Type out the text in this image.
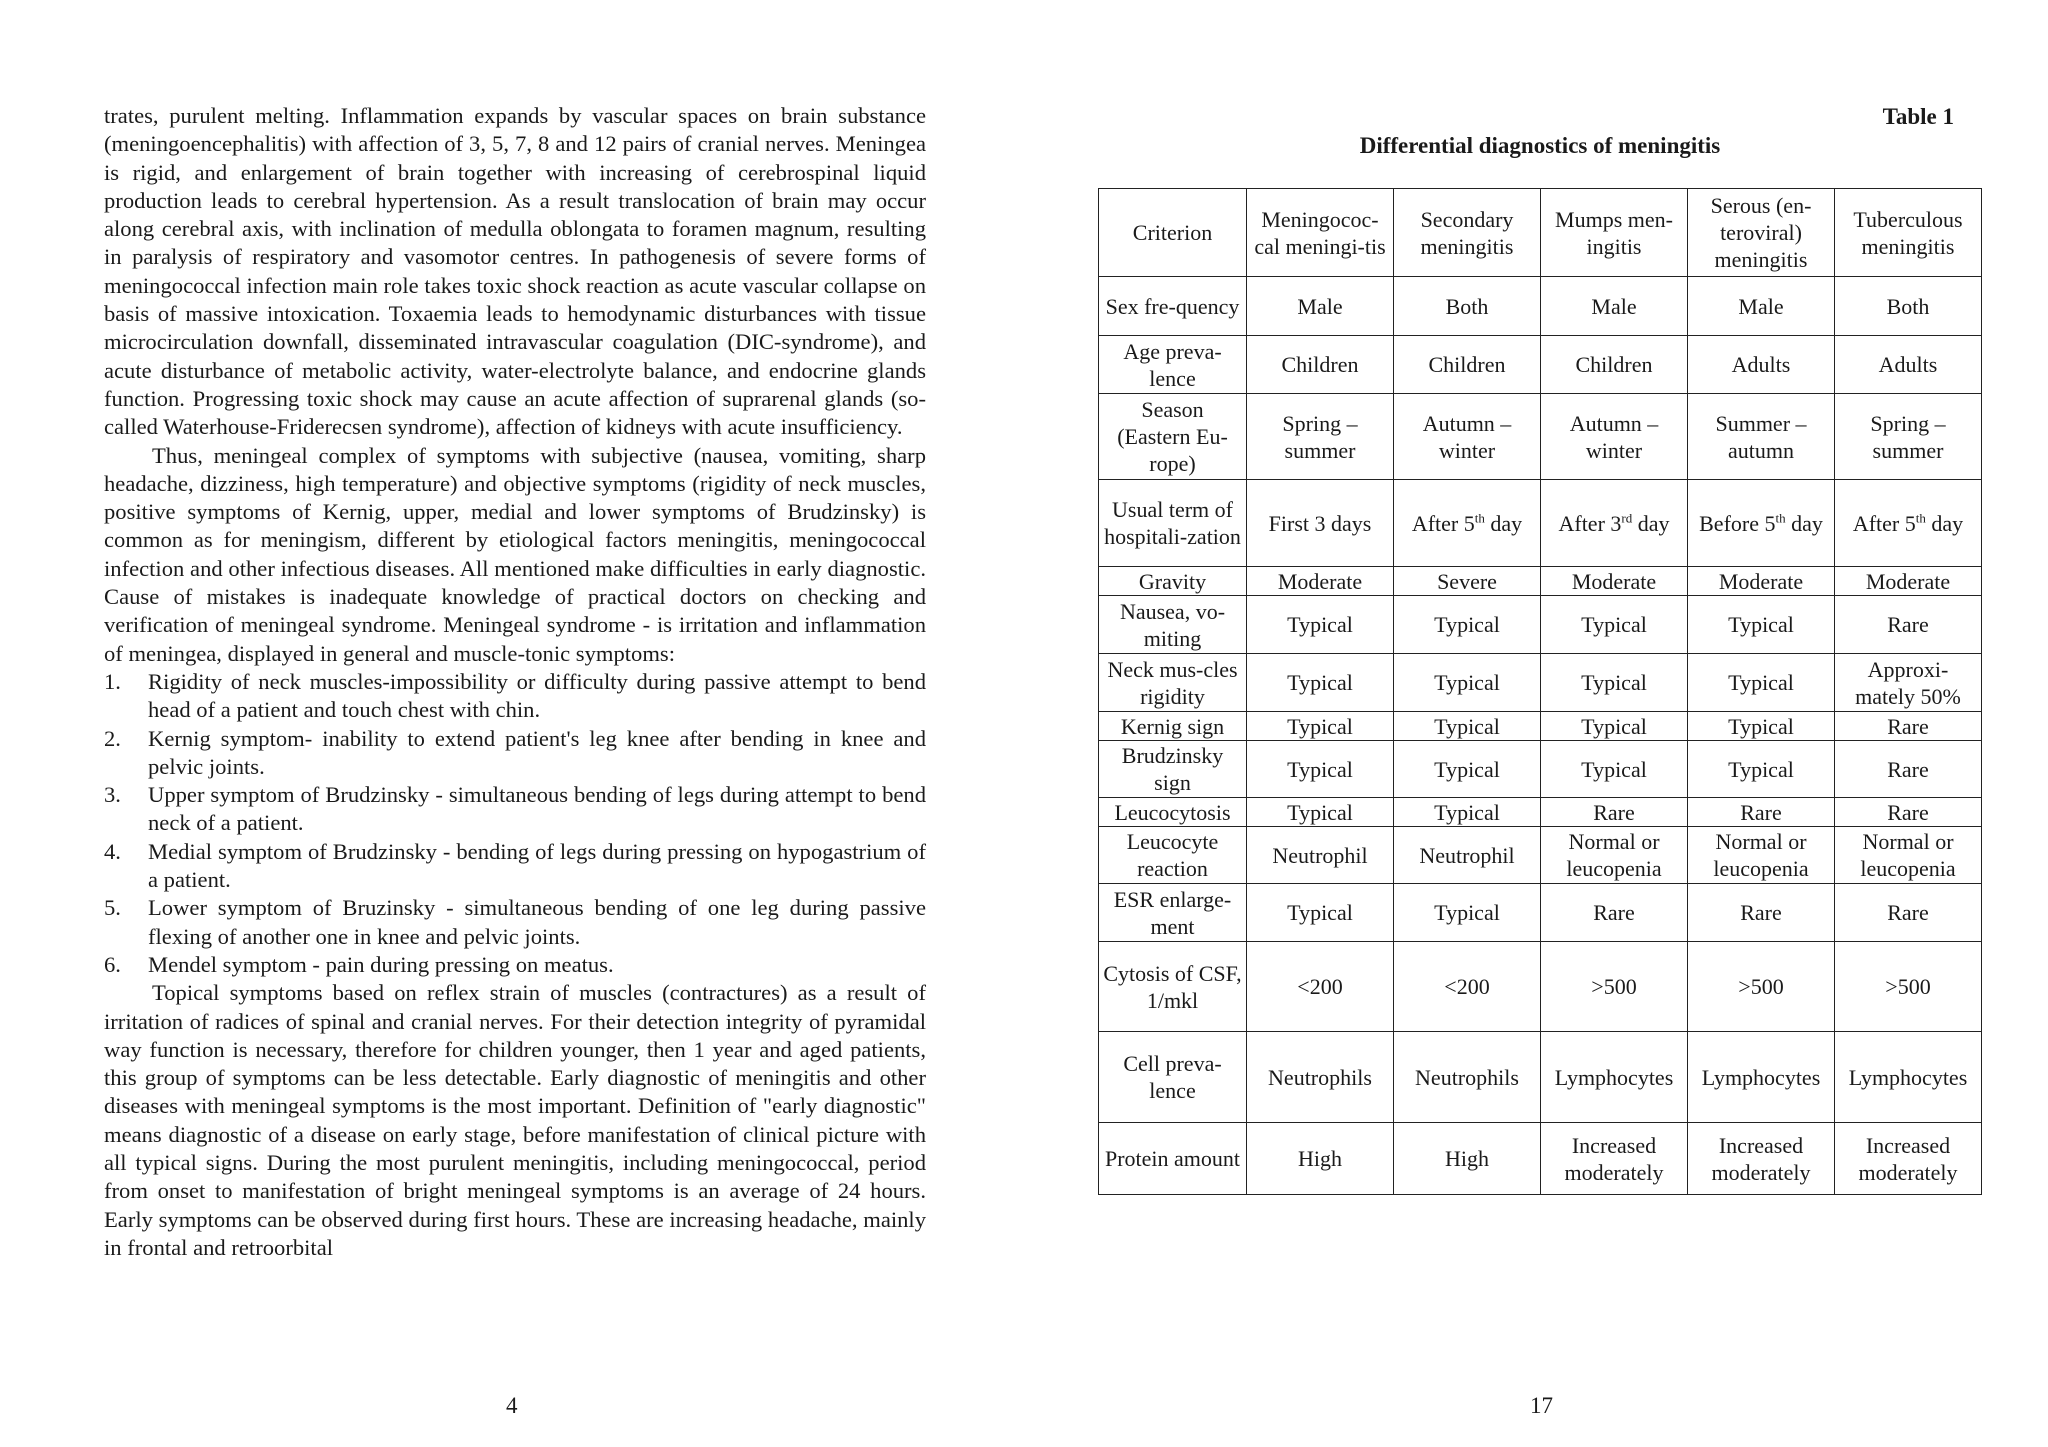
trates, purulent melting. Inflammation expands by vascular spaces on brain substance (meningoencephalitis) with affection of 3, 5, 7, 8 and 12 pairs of cranial nerves. Meningea is rigid, and enlargement of brain together with increasing of cerebrospinal liquid production leads to cerebral hypertension. As a result translocation of brain may occur along cerebral axis, with inclination of medulla oblongata to foramen magnum, resulting in paralysis of respiratory and vasomotor centres. In pathogenesis of severe forms of meningococcal infection main role takes toxic shock reaction as acute vascular collapse on basis of massive intoxication. Toxaemia leads to hemodynamic disturbances with tissue microcirculation downfall, disseminated intravascular coagulation (DIC-syndrome), and acute disturbance of metabolic activity, water-electrolyte balance, and endocrine glands function. Progressing toxic shock may cause an acute affection of suprarenal glands (so-called Waterhouse-Friderecsen syndrome), affection of kidneys with acute insufficiency.

Thus, meningeal complex of symptoms with subjective (nausea, vomiting, sharp headache, dizziness, high temperature) and objective symptoms (rigidity of neck muscles, positive symptoms of Kernig, upper, medial and lower symptoms of Brudzinsky) is common as for meningism, different by etiological factors meningitis, meningococcal infection and other infectious diseases. All mentioned make difficulties in early diagnostic. Cause of mistakes is inadequate knowledge of practical doctors on checking and verification of meningeal syndrome. Meningeal syndrome - is irritation and inflammation of meningea, displayed in general and muscle-tonic symptoms:

1. Rigidity of neck muscles-impossibility or difficulty during passive attempt to bend head of a patient and touch chest with chin.
2. Kernig symptom- inability to extend patient's leg knee after bending in knee and pelvic joints.
3. Upper symptom of Brudzinsky - simultaneous bending of legs during attempt to bend neck of a patient.
4. Medial symptom of Brudzinsky - bending of legs during pressing on hypogastrium of a patient.
5. Lower symptom of Bruzinsky - simultaneous bending of one leg during passive flexing of another one in knee and pelvic joints.
6. Mendel symptom - pain during pressing on meatus.

Topical symptoms based on reflex strain of muscles (contractures) as a result of irritation of radices of spinal and cranial nerves. For their detection integrity of pyramidal way function is necessary, therefore for children younger, then 1 year and aged patients, this group of symptoms can be less detectable. Early diagnostic of meningitis and other diseases with meningeal symptoms is the most important. Definition of "early diagnostic" means diagnostic of a disease on early stage, before manifestation of clinical picture with all typical signs. During the most purulent meningitis, including meningococcal, period from onset to manifestation of bright meningeal symptoms is an average of 24 hours. Early symptoms can be observed during first hours. These are increasing headache, mainly in frontal and retroorbital

4
Table 1
Differential diagnostics of meningitis
Criterion	Meningococ-cal meningi-tis	Secondary meningitis	Mumps men-ingitis	Serous (en-teroviral) meningitis	Tuberculous meningitis
Sex fre-quency	Male	Both	Male	Male	Both
Age preva-lence	Children	Children	Children	Adults	Adults
Season (Eastern Eu-rope)	Spring – summer	Autumn – winter	Autumn – winter	Summer – autumn	Spring – summer
Usual term of hospitali-zation	First 3 days	After 5th day	After 3rd day	Before 5th day	After 5th day
Gravity	Moderate	Severe	Moderate	Moderate	Moderate
Nausea, vo-miting	Typical	Typical	Typical	Typical	Rare
Neck mus-cles rigidity	Typical	Typical	Typical	Typical	Approxi-mately 50%
Kernig sign	Typical	Typical	Typical	Typical	Rare
Brudzinsky sign	Typical	Typical	Typical	Typical	Rare
Leucocytosis	Typical	Typical	Rare	Rare	Rare
Leucocyte reaction	Neutrophil	Neutrophil	Normal or leucopenia	Normal or leucopenia	Normal or leucopenia
ESR enlarge-ment	Typical	Typical	Rare	Rare	Rare
Cytosis of CSF, 1/mkl	<200	<200	>500	>500	>500
Cell preva-lence	Neutrophils	Neutrophils	Lymphocytes	Lymphocytes	Lymphocytes
Protein amount	High	High	Increased moderately	Increased moderately	Increased moderately
17
